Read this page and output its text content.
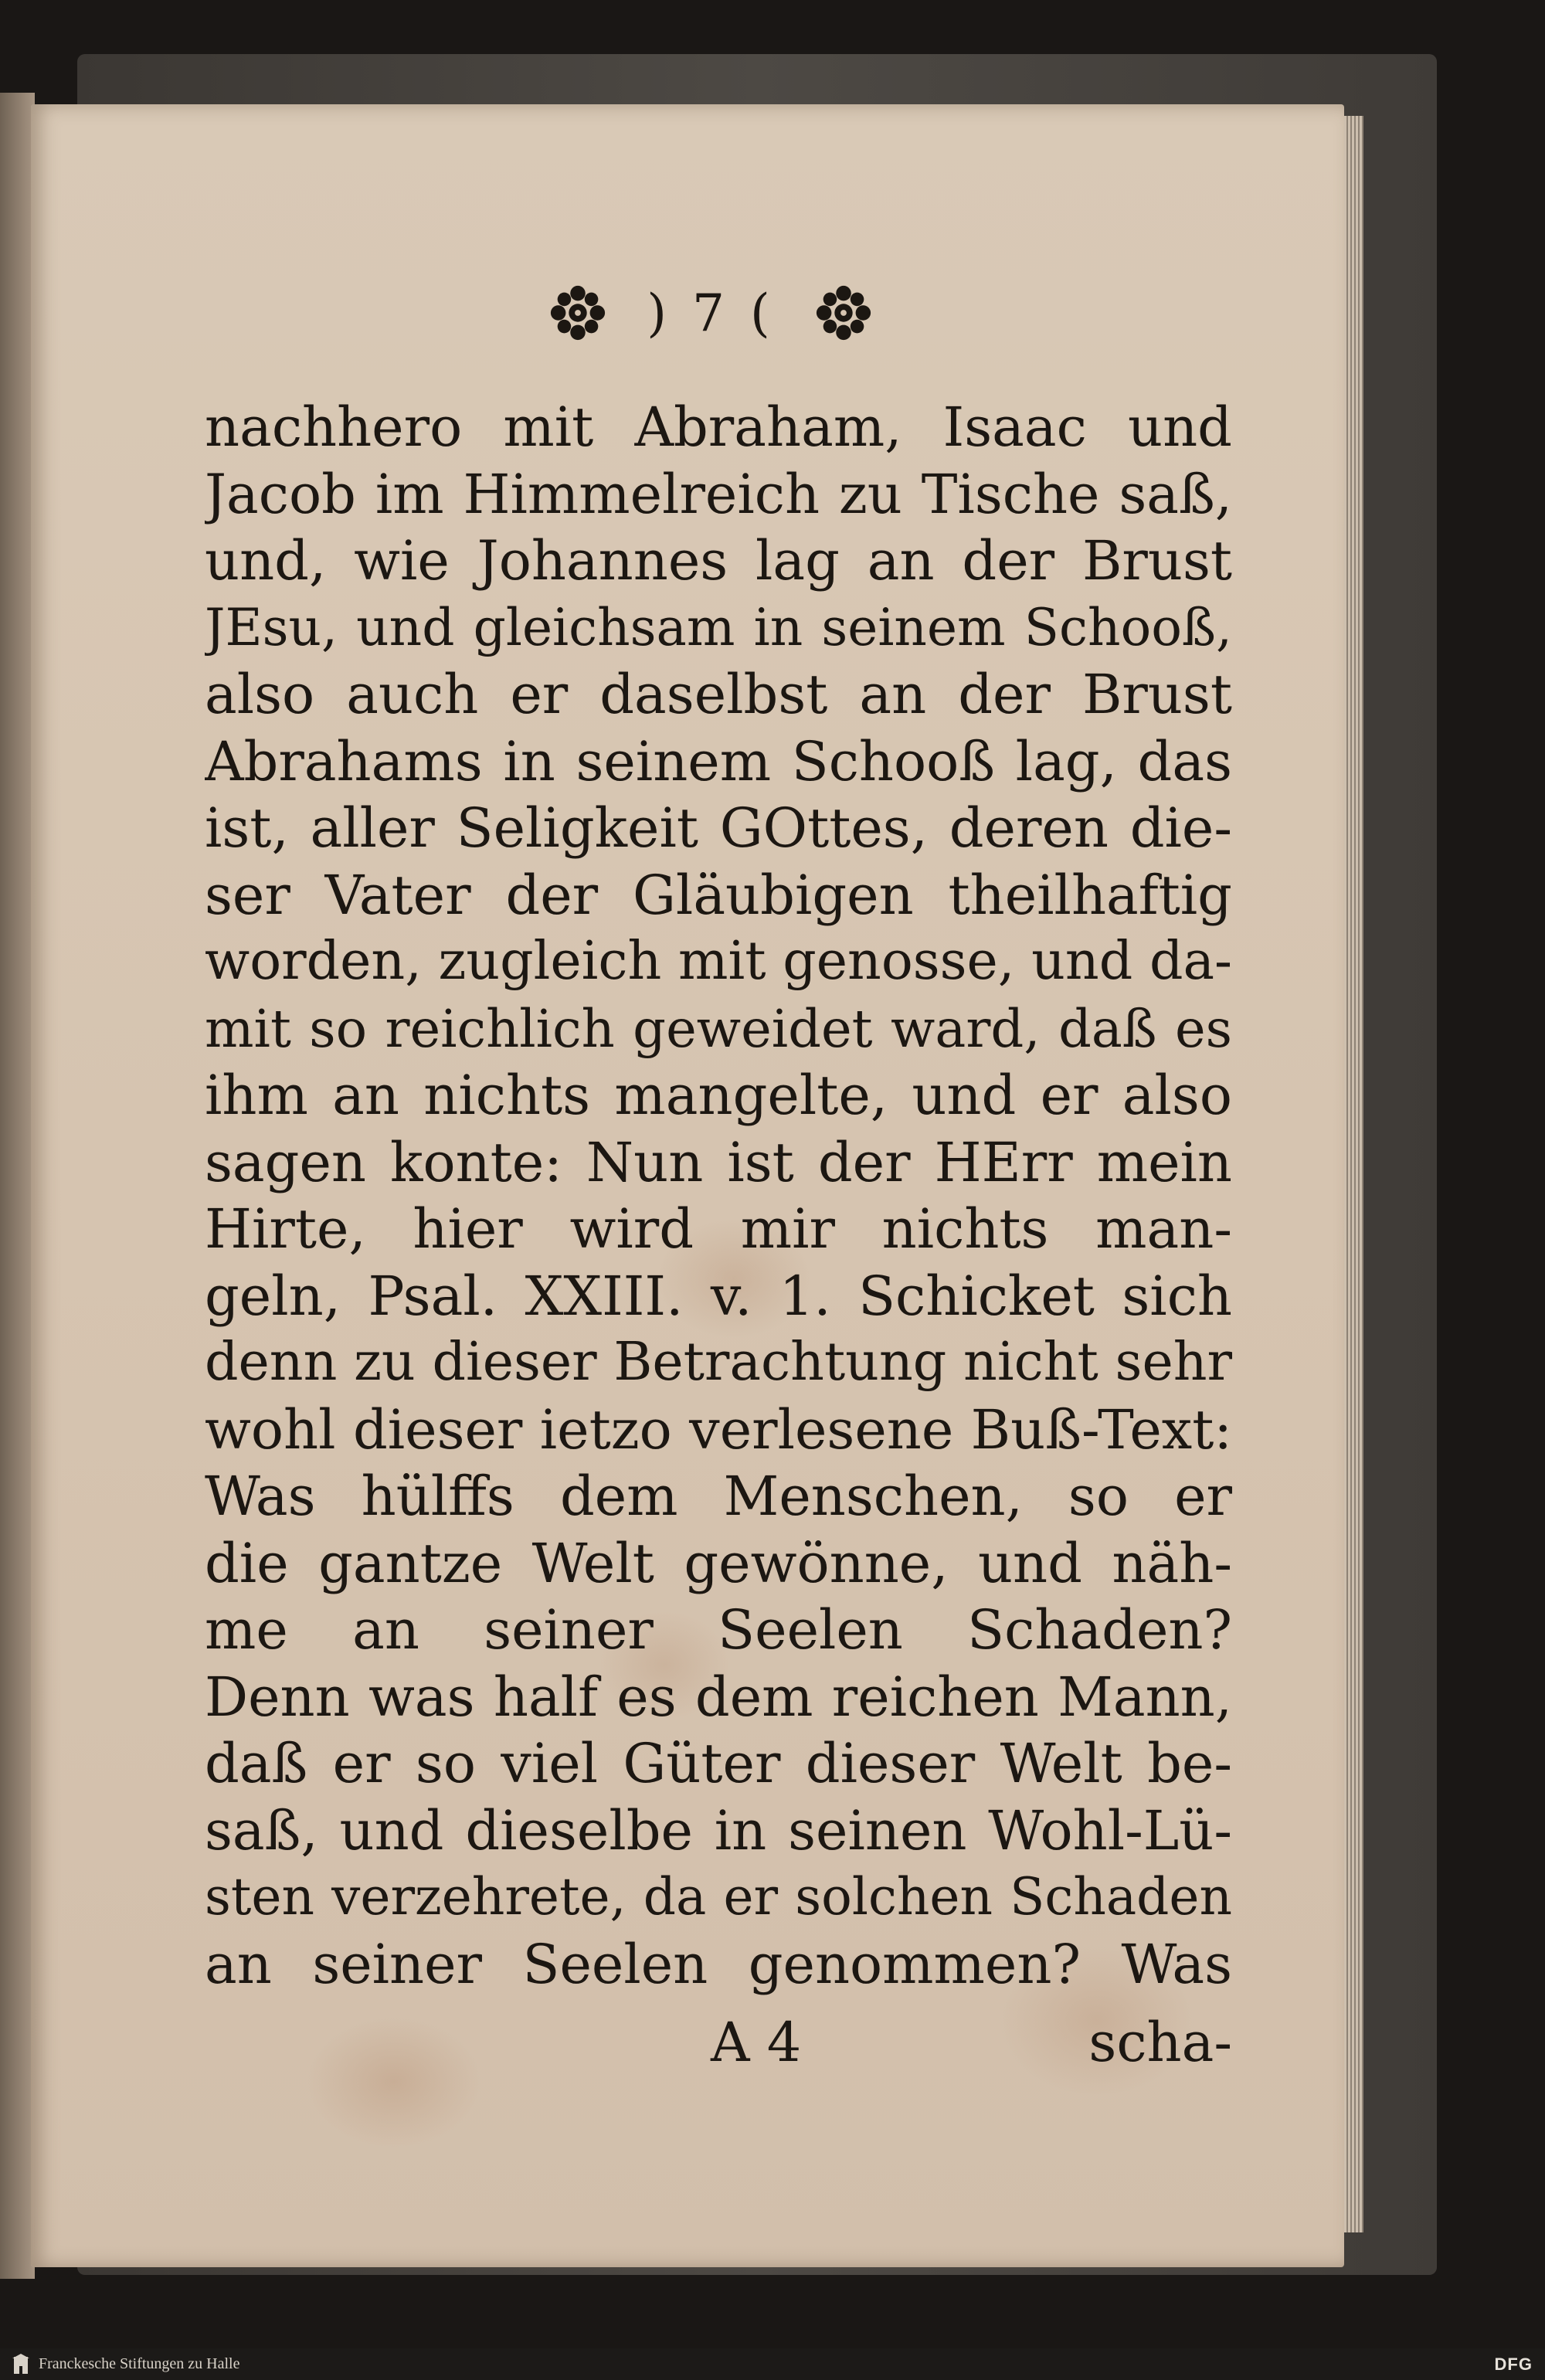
) 7 (
nachhero mit Abraham, Isaac und
Jacob im Himmelreich zu Tische saß,
und, wie Johannes lag an der Brust
JEsu, und gleichsam in seinem Schooß,
also auch er daselbst an der Brust
Abrahams in seinem Schooß lag, das
ist, aller Seligkeit GOttes, deren die-
ser Vater der Gläubigen theilhaftig
worden, zugleich mit genosse, und da-
mit so reichlich geweidet ward, daß es
ihm an nichts mangelte, und er also
sagen konte: Nun ist der HErr mein
Hirte, hier wird mir nichts man-
geln, Psal. XXIII. v. 1. Schicket sich
denn zu dieser Betrachtung nicht sehr
wohl dieser ietzo verlesene Buß-Text:
Was hülffs dem Menschen, so er
die gantze Welt gewönne, und näh-
me an seiner Seelen Schaden?
Denn was half es dem reichen Mann,
daß er so viel Güter dieser Welt be-
saß, und dieselbe in seinen Wohl-Lü-
sten verzehrete, da er solchen Schaden
an seiner Seelen genommen? Was
A 4	scha-
Franckesche Stiftungen zu Halle	DFG
